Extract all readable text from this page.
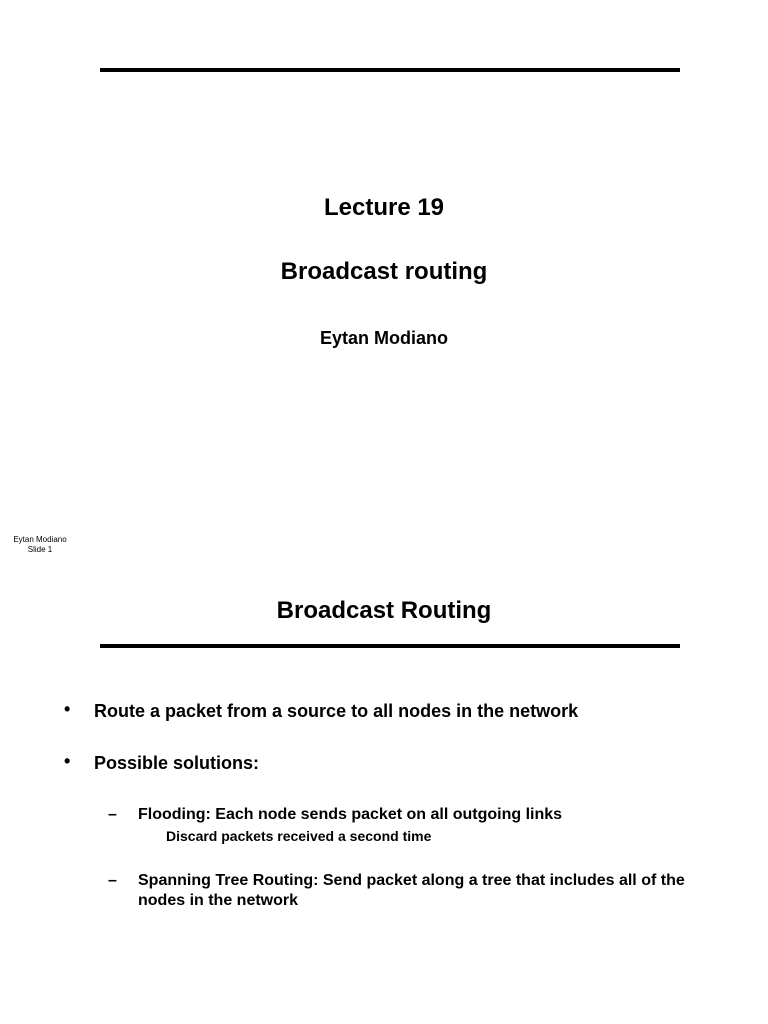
Lecture 19
Broadcast routing
Eytan Modiano
Eytan Modiano
Slide 1
Broadcast Routing
• Route a packet from a source to all nodes in the network
• Possible solutions:
– Flooding: Each node sends packet on all outgoing links
Discard packets received a second time
– Spanning Tree Routing: Send packet along a tree that includes all of the nodes in the network
